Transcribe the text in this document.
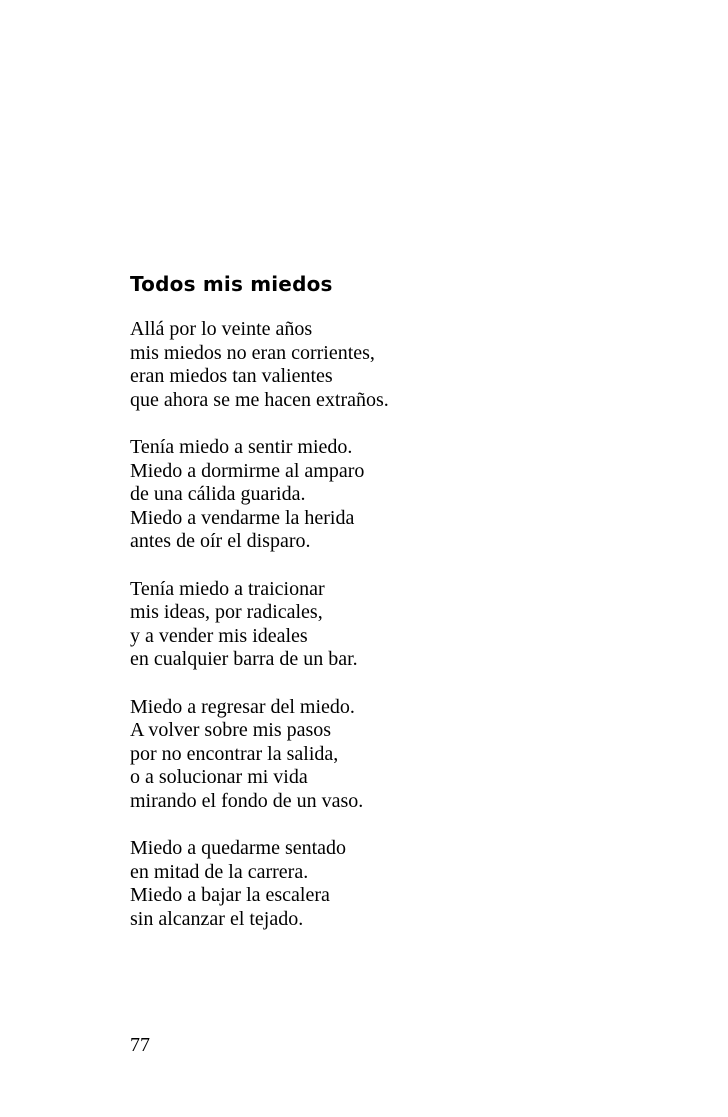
Todos mis miedos
Allá por lo veinte años
mis miedos no eran corrientes,
eran miedos tan valientes
que ahora se me hacen extraños.
Tenía miedo a sentir miedo.
Miedo a dormirme al amparo
de una cálida guarida.
Miedo a vendarme la herida
antes de oír el disparo.
Tenía miedo a traicionar
mis ideas, por radicales,
y a vender mis ideales
en cualquier barra de un bar.
Miedo a regresar del miedo.
A volver sobre mis pasos
por no encontrar la salida,
o a solucionar mi vida
mirando el fondo de un vaso.
Miedo a quedarme sentado
en mitad de la carrera.
Miedo a bajar la escalera
sin alcanzar el tejado.
77
